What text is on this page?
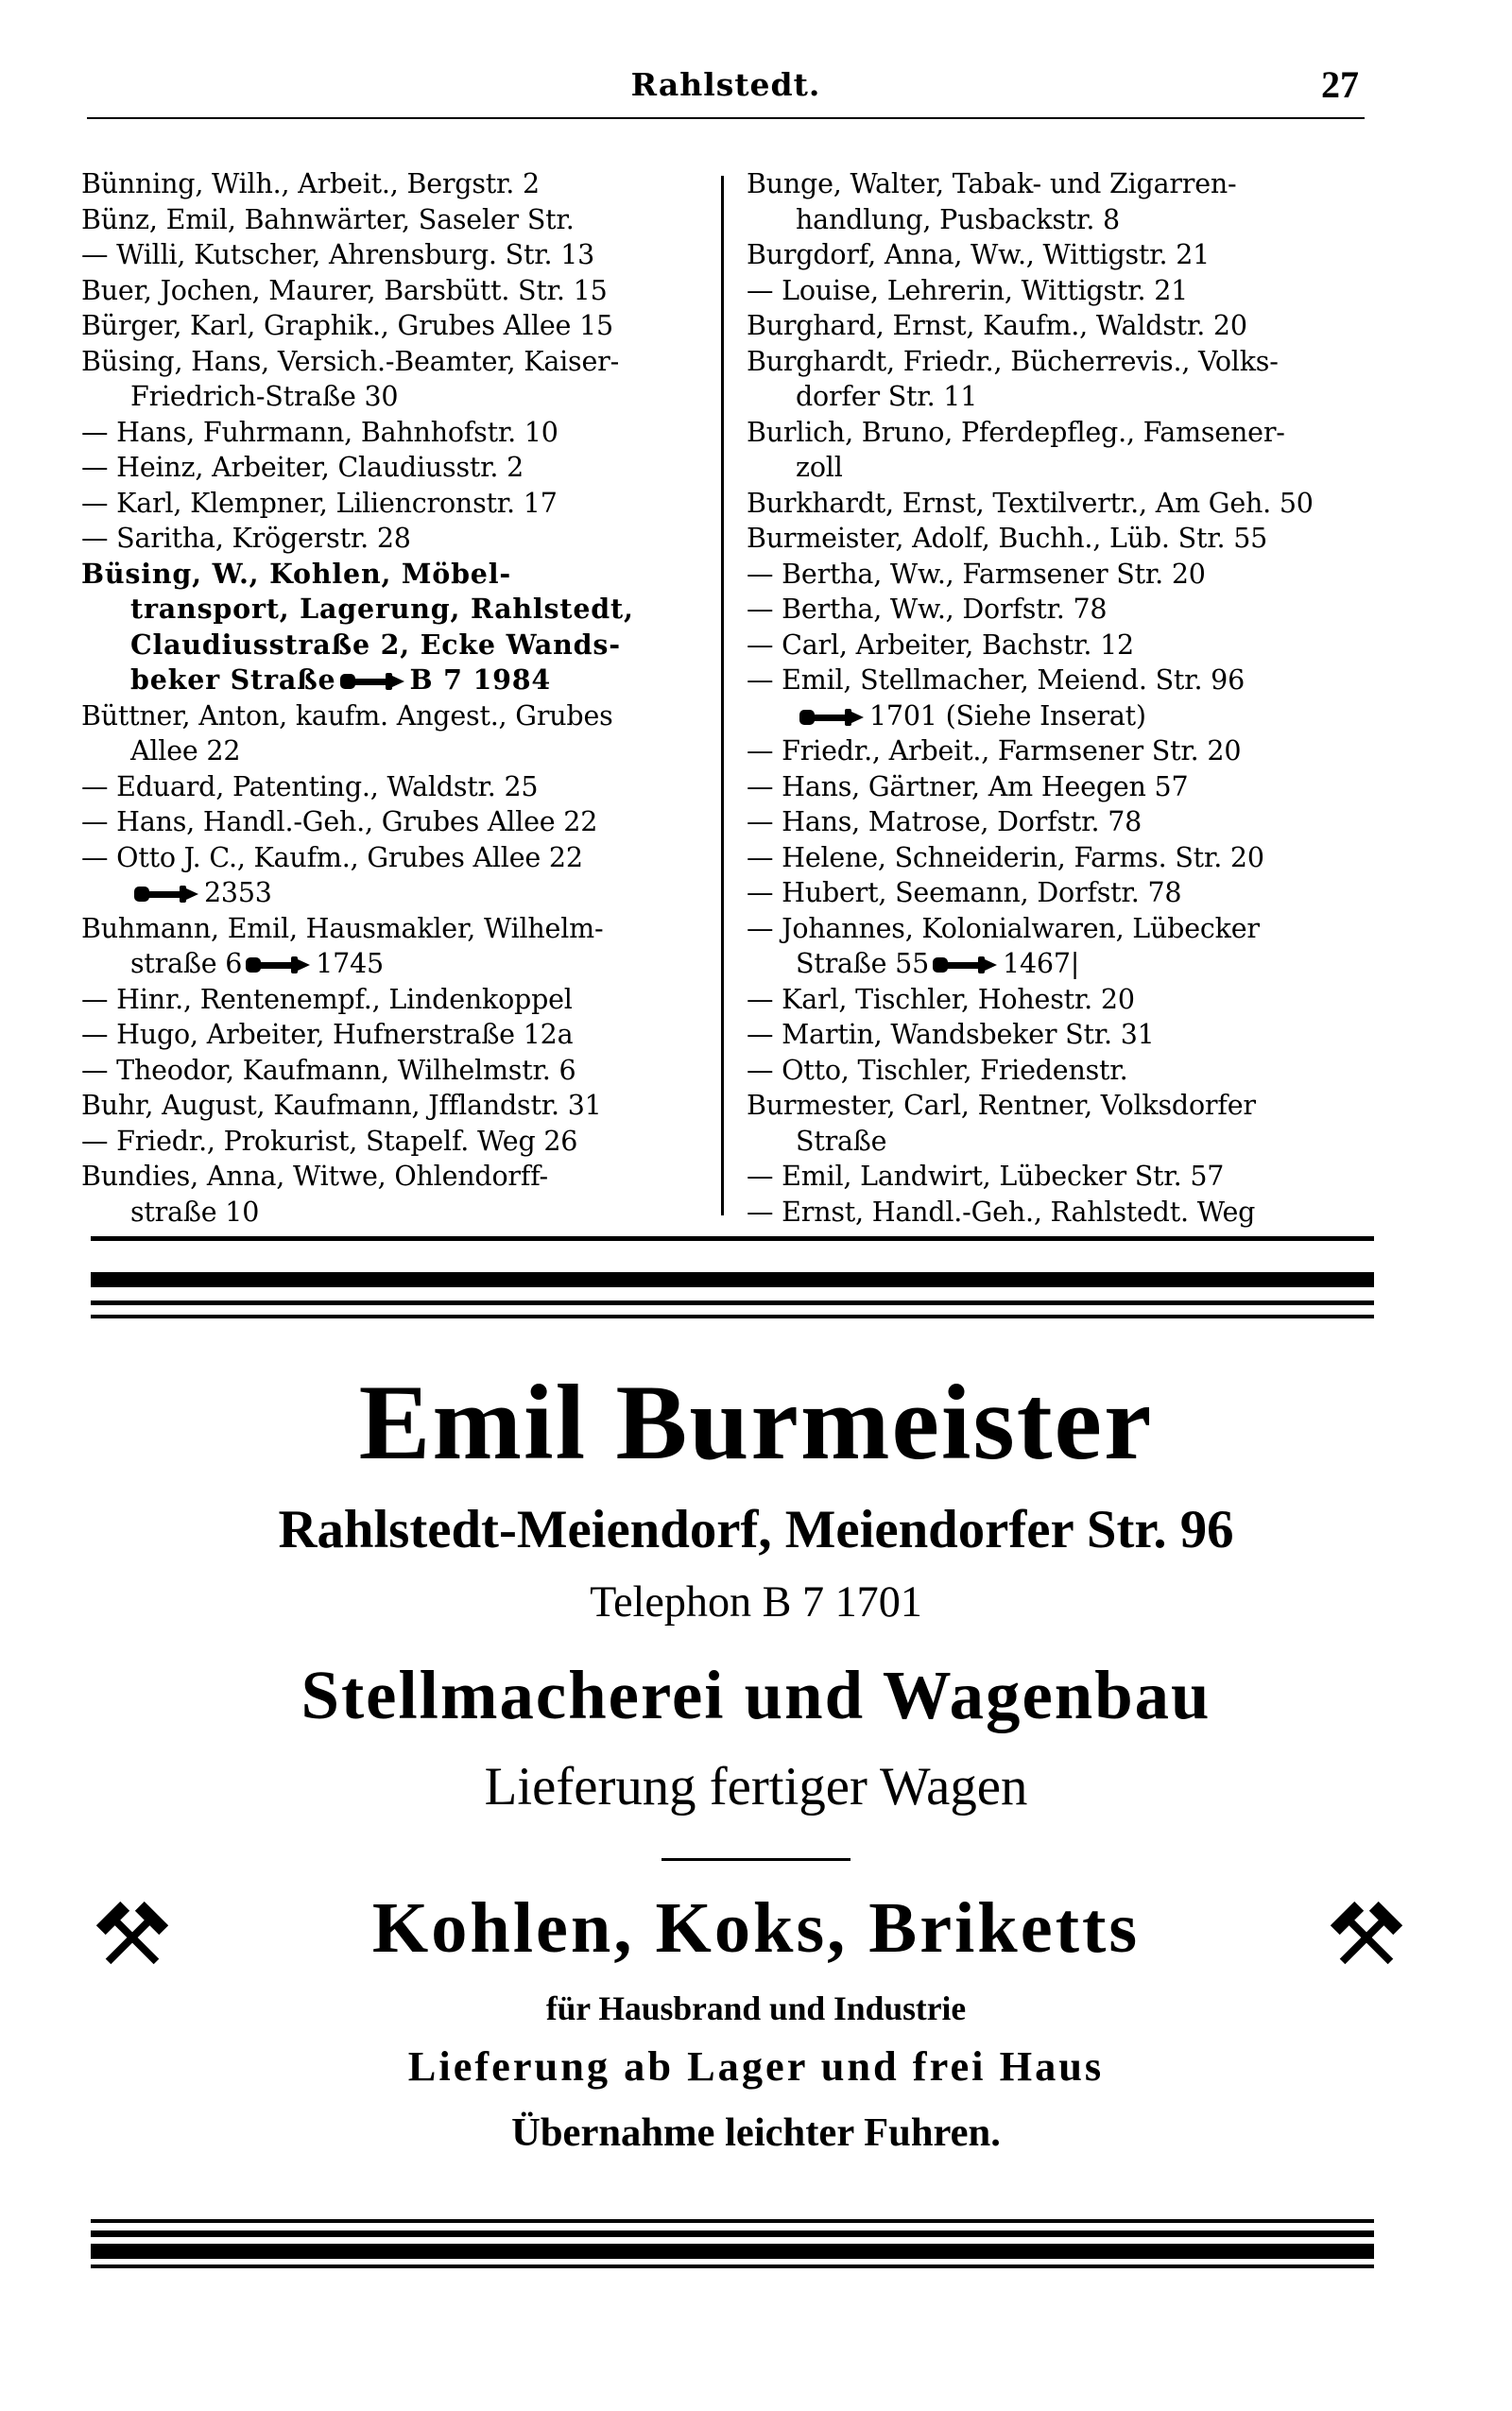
Rahlstedt.	27
Bünning, Wilh., Arbeit., Bergstr. 2
Bünz, Emil, Bahnwärter, Saseler Str.
— Willi, Kutscher, Ahrensburg. Str. 13
Buer, Jochen, Maurer, Barsbütt. Str. 15
Bürger, Karl, Graphik., Grubes Allee 15
Büsing, Hans, Versich.-Beamter, Kaiser-
Friedrich-Straße 30
— Hans, Fuhrmann, Bahnhofstr. 10
— Heinz, Arbeiter, Claudiusstr. 2
— Karl, Klempner, Liliencronstr. 17
— Saritha, Krögerstr. 28
Büsing, W., Kohlen, Möbel-
transport, Lagerung, Rahlstedt,
Claudiusstraße 2, Ecke Wands-
beker Straße	B 7 1984
Büttner, Anton, kaufm. Angest., Grubes
Allee 22
— Eduard, Patenting., Waldstr. 25
— Hans, Handl.-Geh., Grubes Allee 22
— Otto J. C., Kaufm., Grubes Allee 22
2353
Buhmann, Emil, Hausmakler, Wilhelm-
straße 6	1745
— Hinr., Rentenempf., Lindenkoppel
— Hugo, Arbeiter, Hufnerstraße 12a
— Theodor, Kaufmann, Wilhelmstr. 6
Buhr, August, Kaufmann, Jfflandstr. 31
— Friedr., Prokurist, Stapelf. Weg 26
Bundies, Anna, Witwe, Ohlendorff-
straße 10
Bunge, Walter, Tabak- und Zigarren-
handlung, Pusbackstr. 8
Burgdorf, Anna, Ww., Wittigstr. 21
— Louise, Lehrerin, Wittigstr. 21
Burghard, Ernst, Kaufm., Waldstr. 20
Burghardt, Friedr., Bücherrevis., Volks-
dorfer Str. 11
Burlich, Bruno, Pferdepfleg., Famsener-
zoll
Burkhardt, Ernst, Textilvertr., Am Geh. 50
Burmeister, Adolf, Buchh., Lüb. Str. 55
— Bertha, Ww., Farmsener Str. 20
— Bertha, Ww., Dorfstr. 78
— Carl, Arbeiter, Bachstr. 12
— Emil, Stellmacher, Meiend. Str. 96
1701 (Siehe Inserat)
— Friedr., Arbeit., Farmsener Str. 20
— Hans, Gärtner, Am Heegen 57
— Hans, Matrose, Dorfstr. 78
— Helene, Schneiderin, Farms. Str. 20
— Hubert, Seemann, Dorfstr. 78
— Johannes, Kolonialwaren, Lübecker
Straße 55	1467|
— Karl, Tischler, Hohestr. 20
— Martin, Wandsbeker Str. 31
— Otto, Tischler, Friedenstr.
Burmester, Carl, Rentner, Volksdorfer
Straße
— Emil, Landwirt, Lübecker Str. 57
— Ernst, Handl.-Geh., Rahlstedt. Weg
Emil Burmeister
Rahlstedt-Meiendorf, Meiendorfer Str. 96
Telephon B 7 1701
Stellmacherei und Wagenbau
Lieferung fertiger Wagen
Kohlen, Koks, Briketts
für Hausbrand und Industrie
Lieferung ab Lager und frei Haus
Übernahme leichter Fuhren.
